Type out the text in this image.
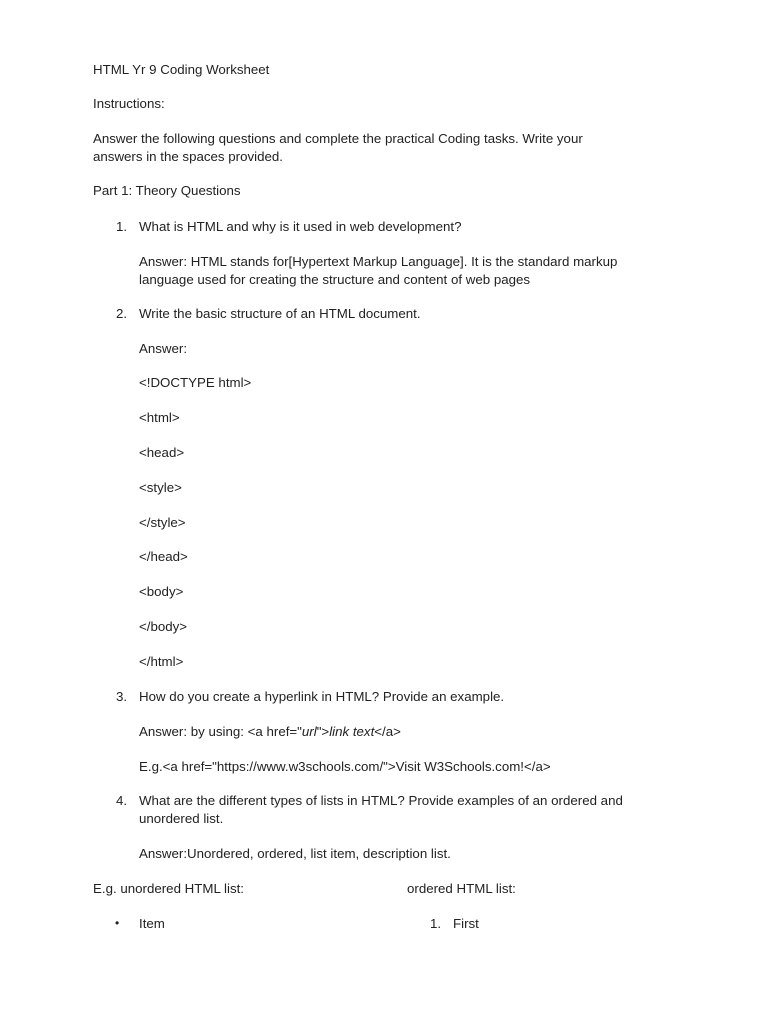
HTML Yr 9 Coding Worksheet
Instructions:
Answer the following questions and complete the practical Coding tasks. Write your answers in the spaces provided.
Part 1: Theory Questions
1. What is HTML and why is it used in web development?
Answer: HTML stands for[Hypertext Markup Language]. It is the standard markup language used for creating the structure and content of web pages
2. Write the basic structure of an HTML document.
Answer:
<!DOCTYPE html>
<html>
<head>
<style>
</style>
</head>
<body>
</body>
</html>
3. How do you create a hyperlink in HTML? Provide an example.
Answer: by using: <a href="url">link text</a>
E.g.<a href="https://www.w3schools.com/">Visit W3Schools.com!</a>
4. What are the different types of lists in HTML? Provide examples of an ordered and unordered list.
Answer:Unordered, ordered, list item, description list.
E.g. unordered HTML list:	ordered HTML list:
• Item	1. First
